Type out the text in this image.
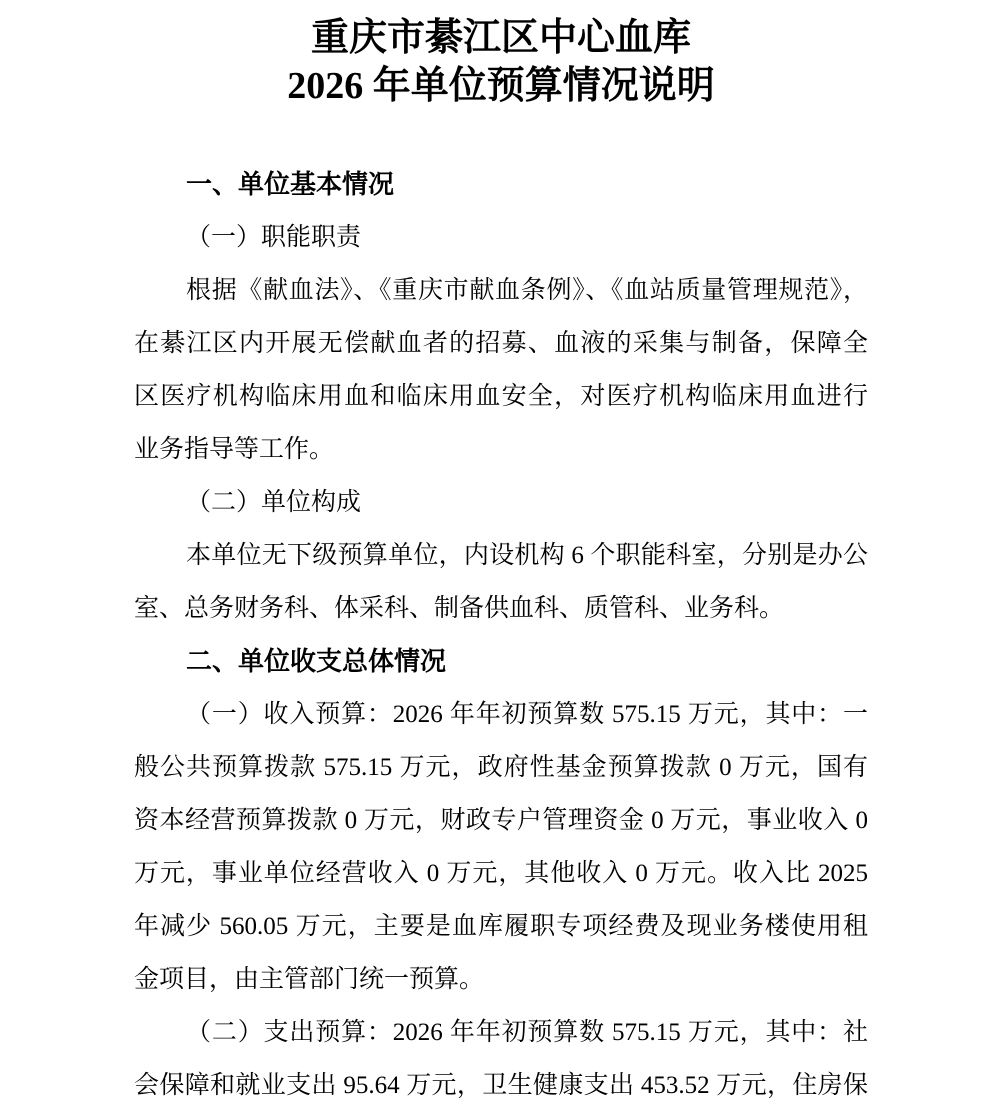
重庆市綦江区中心血库
2026 年单位预算情况说明
一、单位基本情况
（一）职能职责
根据《献血法》、《重庆市献血条例》、《血站质量管理规范》，
在綦江区内开展无偿献血者的招募、血液的采集与制备，保障全
区医疗机构临床用血和临床用血安全，对医疗机构临床用血进行
业务指导等工作。
（二）单位构成
本单位无下级预算单位，内设机构 6 个职能科室，分别是办公
室、总务财务科、体采科、制备供血科、质管科、业务科。
二、单位收支总体情况
（一）收入预算：2026 年年初预算数 575.15 万元，其中：一
般公共预算拨款 575.15 万元，政府性基金预算拨款 0 万元，国有
资本经营预算拨款 0 万元，财政专户管理资金 0 万元，事业收入 0
万元，事业单位经营收入 0 万元，其他收入 0 万元。收入比 2025
年减少 560.05 万元，主要是血库履职专项经费及现业务楼使用租
金项目，由主管部门统一预算。
（二）支出预算：2026 年年初预算数 575.15 万元，其中：社
会保障和就业支出 95.64 万元，卫生健康支出 453.52 万元，住房保
